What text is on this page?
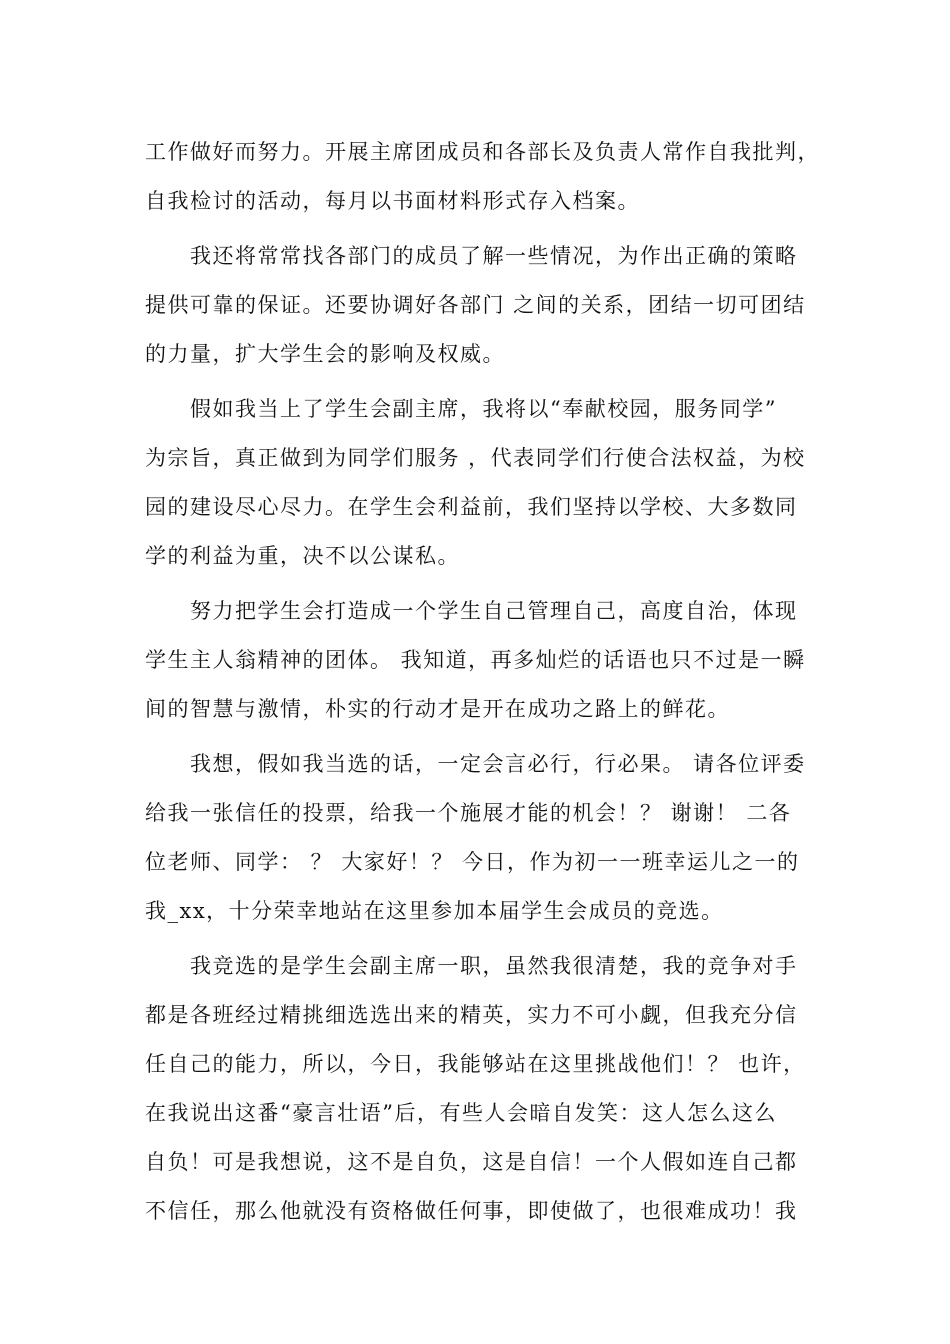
工作做好而努力。开展主席团成员和各部长及负责人常作自我批判，
自我检讨的活动，每月以书面材料形式存入档案。

我还将常常找各部门的成员了解一些情况，为作出正确的策略
提供可靠的保证。还要协调好各部门 之间的关系，团结一切可团结
的力量，扩大学生会的影响及权威。

假如我当上了学生会副主席，我将以“奉献校园，服务同学”
为宗旨，真正做到为同学们服务 ，代表同学们行使合法权益，为校
园的建设尽心尽力。在学生会利益前，我们坚持以学校、大多数同
学的利益为重，决不以公谋私。

努力把学生会打造成一个学生自己管理自己，高度自治，体现
学生主人翁精神的团体。 我知道，再多灿烂的话语也只不过是一瞬
间的智慧与激情，朴实的行动才是开在成功之路上的鲜花。

我想，假如我当选的话，一定会言必行，行必果。 请各位评委
给我一张信任的投票，给我一个施展才能的机会！？ 谢谢！ 二各
位老师、同学： ？ 大家好！？ 今日，作为初一一班幸运儿之一的
我_xx，十分荣幸地站在这里参加本届学生会成员的竞选。

我竞选的是学生会副主席一职，虽然我很清楚，我的竞争对手
都是各班经过精挑细选选出来的精英，实力不可小觑，但我充分信
任自己的能力，所以，今日，我能够站在这里挑战他们！？ 也许，
在我说出这番“豪言壮语”后，有些人会暗自发笑：这人怎么这么
自负！可是我想说，这不是自负，这是自信！一个人假如连自己都
不信任，那么他就没有资格做任何事，即使做了，也很难成功！我
